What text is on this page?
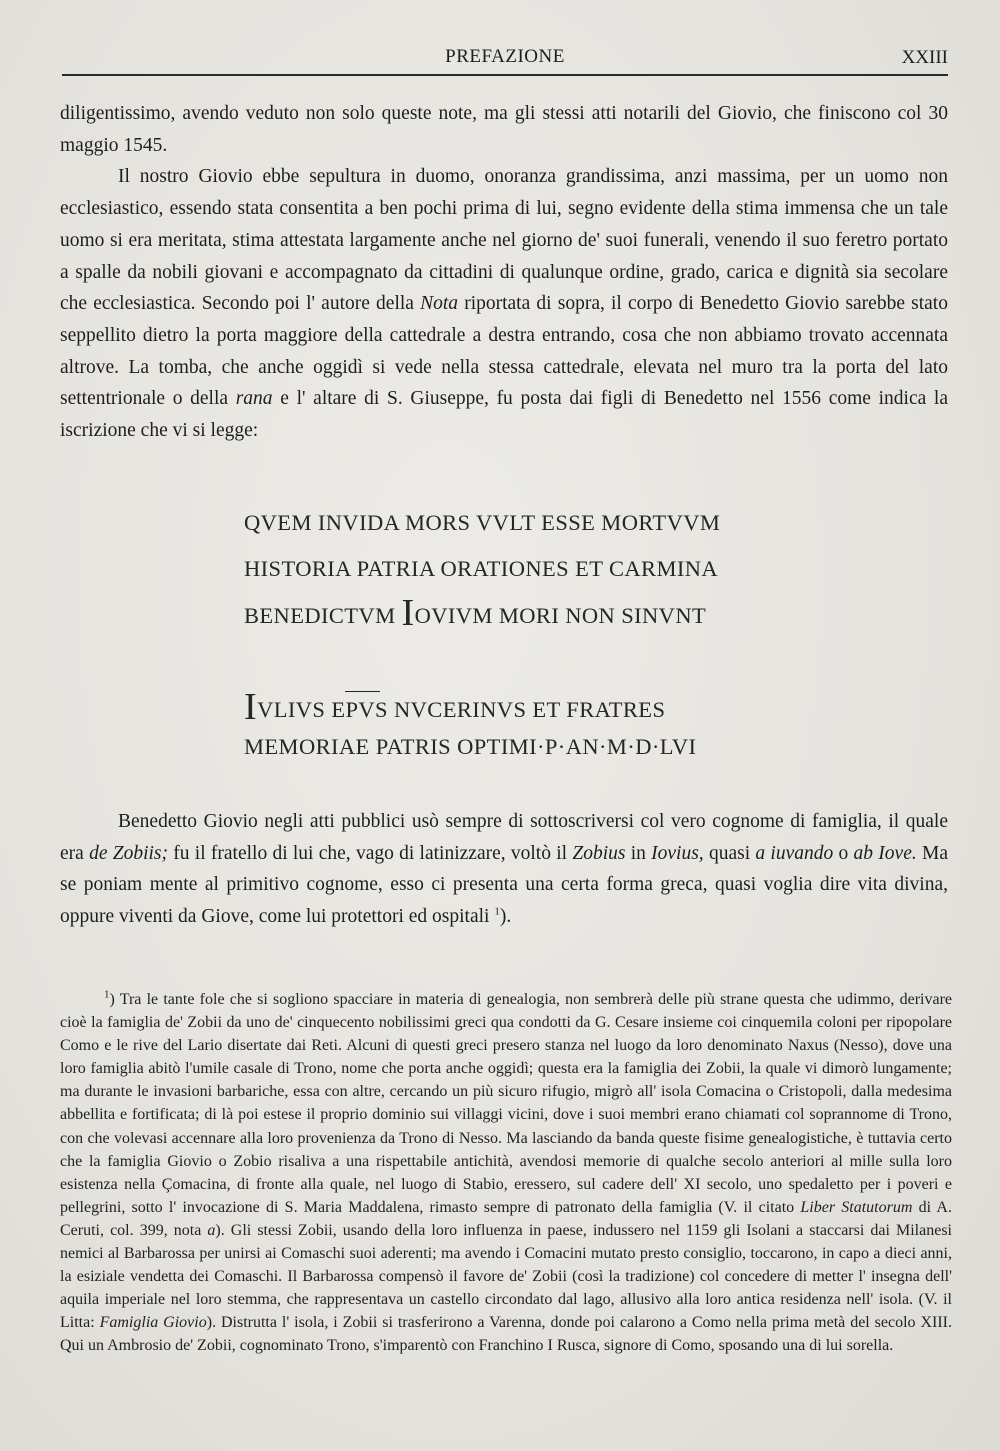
PREFAZIONE	XXIII

diligentissimo, avendo veduto non solo queste note, ma gli stessi atti notarili del Giovio, che finiscono col 30 maggio 1545.

Il nostro Giovio ebbe sepultura in duomo, onoranza grandissima, anzi massima, per un uomo non ecclesiastico, essendo stata consentita a ben pochi prima di lui, segno evidente della stima immensa che un tale uomo si era meritata, stima attestata largamente anche nel giorno de' suoi funerali, venendo il suo feretro portato a spalle da nobili giovani e accompagnato da cittadini di qualunque ordine, grado, carica e dignità sia secolare che ecclesiastica. Secondo poi l' autore della Nota riportata di sopra, il corpo di Benedetto Giovio sarebbe stato seppellito dietro la porta maggiore della cattedrale a destra entrando, cosa che non abbiamo trovato accennata altrove. La tomba, che anche oggidì si vede nella stessa cattedrale, elevata nel muro tra la porta del lato settentrionale o della rana e l' altare di S. Giuseppe, fu posta dai figli di Benedetto nel 1556 come indica la iscrizione che vi si legge:

QVEM INVIDA MORS VVLT ESSE MORTVVM
HISTORIA PATRIA ORATIONES ET CARMINA
BENEDICTVM IOVIVM MORI NON SINVNT
IVLIVS EPVS NVCERINVS ET FRATRES
MEMORIAE PATRIS OPTIMI·P·AN·M·D·LVI

Benedetto Giovio negli atti pubblici usò sempre di sottoscriversi col vero cognome di famiglia, il quale era de Zobiis; fu il fratello di lui che, vago di latinizzare, voltò il Zobius in Iovius, quasi a iuvando o ab Iove. Ma se poniam mente al primitivo cognome, esso ci presenta una certa forma greca, quasi voglia dire vita divina, oppure viventi da Giove, come lui protettori ed ospitali $^1$).

$^1$) Tra le tante fole che si sogliono spacciare in materia di genealogia, non sembrerà delle più strane questa che udimmo, derivare cioè la famiglia de' Zobii da uno de' cinquecento nobilissimi greci qua condotti da G. Cesare insieme coi cinquemila coloni per ripopolare Como e le rive del Lario disertate dai Reti. Alcuni di questi greci presero stanza nel luogo da loro denominato Naxus (Nesso), dove una loro famiglia abitò l'umile casale di Trono, nome che porta anche oggidì; questa era la famiglia dei Zobii, la quale vi dimorò lungamente; ma durante le invasioni barbariche, essa con altre, cercando un più sicuro rifugio, migrò all' isola Comacina o Cristopoli, dalla medesima abbellita e fortificata; di là poi estese il proprio dominio sui villaggi vicini, dove i suoi membri erano chiamati col soprannome di Trono, con che volevasi accennare alla loro provenienza da Trono di Nesso. Ma lasciando da banda queste fisime genealogistiche, è tuttavia certo che la famiglia Giovio o Zobio risaliva a una rispettabile antichità, avendosi memorie di qualche secolo anteriori al mille sulla loro esistenza nella Çomacina, di fronte alla quale, nel luogo di Stabio, eressero, sul cadere dell' XI secolo, uno spedaletto per i poveri e pellegrini, sotto l' invocazione di S. Maria Maddalena, rimasto sempre di patronato della famiglia (V. il citato Liber Statutorum di A. Ceruti, col. 399, nota a). Gli stessi Zobii, usando della loro influenza in paese, indussero nel 1159 gli Isolani a staccarsi dai Milanesi nemici al Barbarossa per unirsi ai Comaschi suoi aderenti; ma avendo i Comacini mutato presto consiglio, toccarono, in capo a dieci anni, la esiziale vendetta dei Comaschi. Il Barbarossa compensò il favore de' Zobii (così la tradizione) col concedere di metter l' insegna dell' aquila imperiale nel loro stemma, che rappresentava un castello circondato dal lago, allusivo alla loro antica residenza nell' isola. (V. il Litta: Famiglia Giovio). Distrutta l' isola, i Zobii si trasferirono a Varenna, donde poi calarono a Como nella prima metà del secolo XIII. Qui un Ambrosio de' Zobii, cognominato Trono, s'imparentò con Franchino I Rusca, signore di Como, sposando una di lui sorella.
